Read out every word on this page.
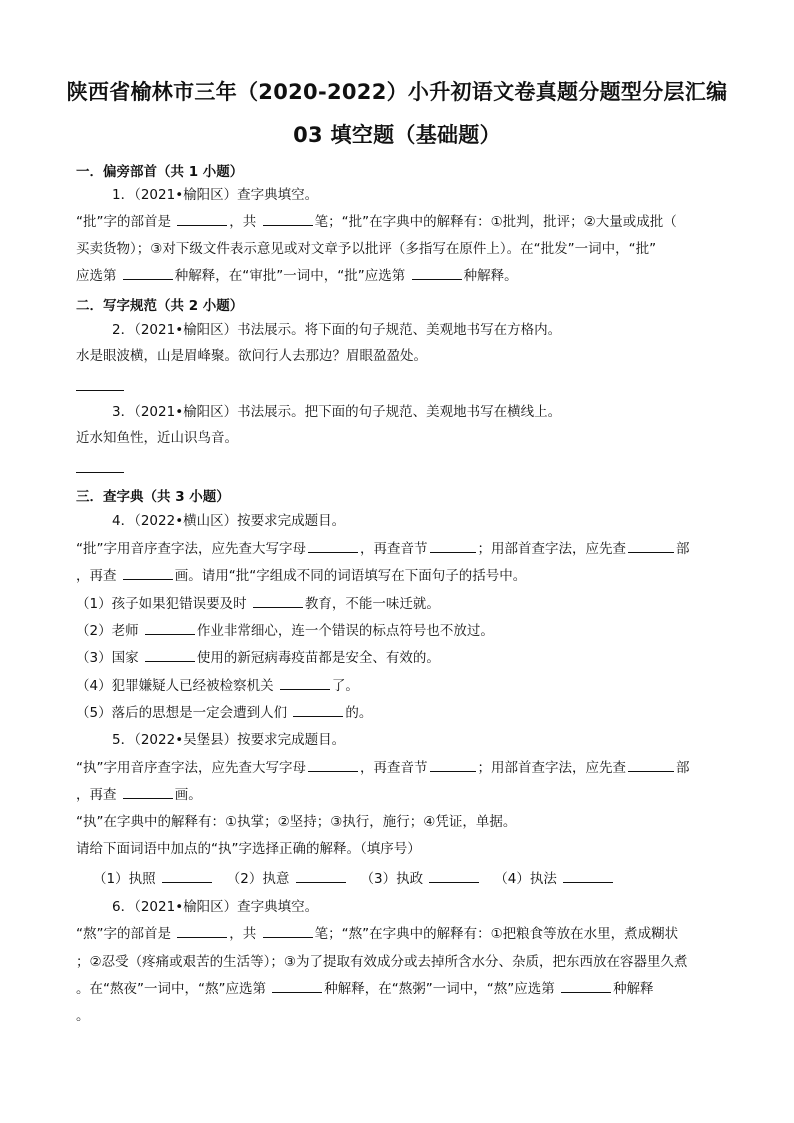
陕西省榆林市三年（2020-2022）小升初语文卷真题分题型分层汇编
03 填空题（基础题）
一．偏旁部首（共 1 小题）
1．（2021•榆阳区）查字典填空。
“批”字的部首是	，共	笔；“批”在字典中的解释有：①批判，批评；②大量或成批（
买卖货物）；③对下级文件表示意见或对文章予以批评（多指写在原件上）。在“批发”一词中，“批”
应选第	种解释，在“审批”一词中，“批”应选第	种解释。
二．写字规范（共 2 小题）
2．（2021•榆阳区）书法展示。将下面的句子规范、美观地书写在方格内。
水是眼波横，山是眉峰聚。欲问行人去那边？眉眼盈盈处。
3．（2021•榆阳区）书法展示。把下面的句子规范、美观地书写在横线上。
近水知鱼性，近山识鸟音。
三．查字典（共 3 小题）
4．（2022•横山区）按要求完成题目。
“批”字用音序查字法，应先查大写字母	，再查音节	；用部首查字法，应先查	部
，再查	画。请用“批“字组成不同的词语填写在下面句子的括号中。
（1）孩子如果犯错误要及时	教育，不能一味迁就。
（2）老师	作业非常细心，连一个错误的标点符号也不放过。
（3）国家	使用的新冠病毒疫苗都是安全、有效的。
（4）犯罪嫌疑人已经被检察机关	了。
（5）落后的思想是一定会遭到人们	的。
5．（2022•吴堡县）按要求完成题目。
“执”字用音序查字法，应先查大写字母	，再查音节	；用部首查字法，应先查	部
，再查	画。
“执”在字典中的解释有：①执掌；②坚持；③执行，施行；④凭证，单据。
请给下面词语中加点的“执”字选择正确的解释。（填序号）
（1）执照	（2）执意	（3）执政	（4）执法
6．（2021•榆阳区）查字典填空。
“熬”字的部首是	，共	笔；“熬”在字典中的解释有：①把粮食等放在水里，煮成糊状
；②忍受（疼痛或艰苦的生活等）；③为了提取有效成分或去掉所含水分、杂质，把东西放在容器里久煮
。在“熬夜”一词中，“熬”应选第	种解释，在“熬粥”一词中，“熬”应选第	种解释
。
